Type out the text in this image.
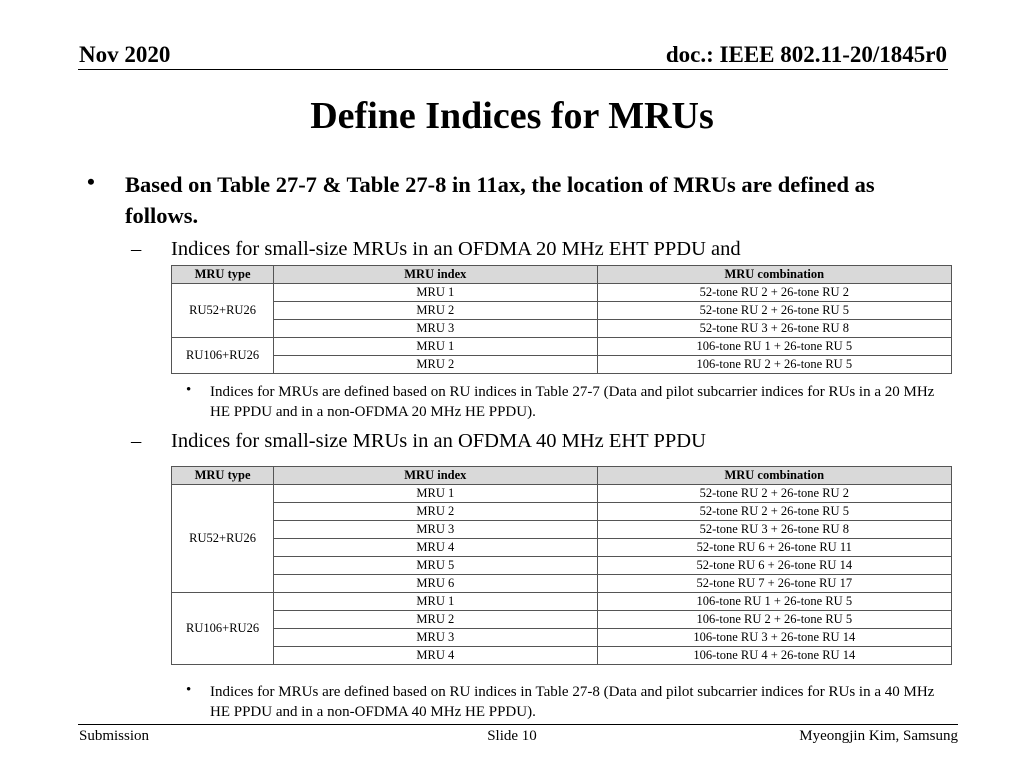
Nov 2020	doc.: IEEE 802.11-20/1845r0
Define Indices for MRUs
• Based on Table 27-7 & Table 27-8 in 11ax, the location of MRUs are defined as follows.
– Indices for small-size MRUs in an OFDMA 20 MHz EHT PPDU and
MRU type	MRU index	MRU combination
RU52+RU26	MRU 1	52-tone RU 2 + 26-tone RU 2
	MRU 2	52-tone RU 2 + 26-tone RU 5
	MRU 3	52-tone RU 3 + 26-tone RU 8
RU106+RU26	MRU 1	106-tone RU 1 + 26-tone RU 5
	MRU 2	106-tone RU 2 + 26-tone RU 5
• Indices for MRUs are defined based on RU indices in Table 27-7 (Data and pilot subcarrier indices for RUs in a 20 MHz HE PPDU and in a non-OFDMA 20 MHz HE PPDU).
– Indices for small-size MRUs in an OFDMA 40 MHz EHT PPDU
MRU type	MRU index	MRU combination
RU52+RU26	MRU 1	52-tone RU 2 + 26-tone RU 2
	MRU 2	52-tone RU 2 + 26-tone RU 5
	MRU 3	52-tone RU 3 + 26-tone RU 8
	MRU 4	52-tone RU 6 + 26-tone RU 11
	MRU 5	52-tone RU 6 + 26-tone RU 14
	MRU 6	52-tone RU 7 + 26-tone RU 17
RU106+RU26	MRU 1	106-tone RU 1 + 26-tone RU 5
	MRU 2	106-tone RU 2 + 26-tone RU 5
	MRU 3	106-tone RU 3 + 26-tone RU 14
	MRU 4	106-tone RU 4 + 26-tone RU 14
• Indices for MRUs are defined based on RU indices in Table 27-8 (Data and pilot subcarrier indices for RUs in a 40 MHz HE PPDU and in a non-OFDMA 40 MHz HE PPDU).
Submission	Slide 10	Myeongjin Kim, Samsung
